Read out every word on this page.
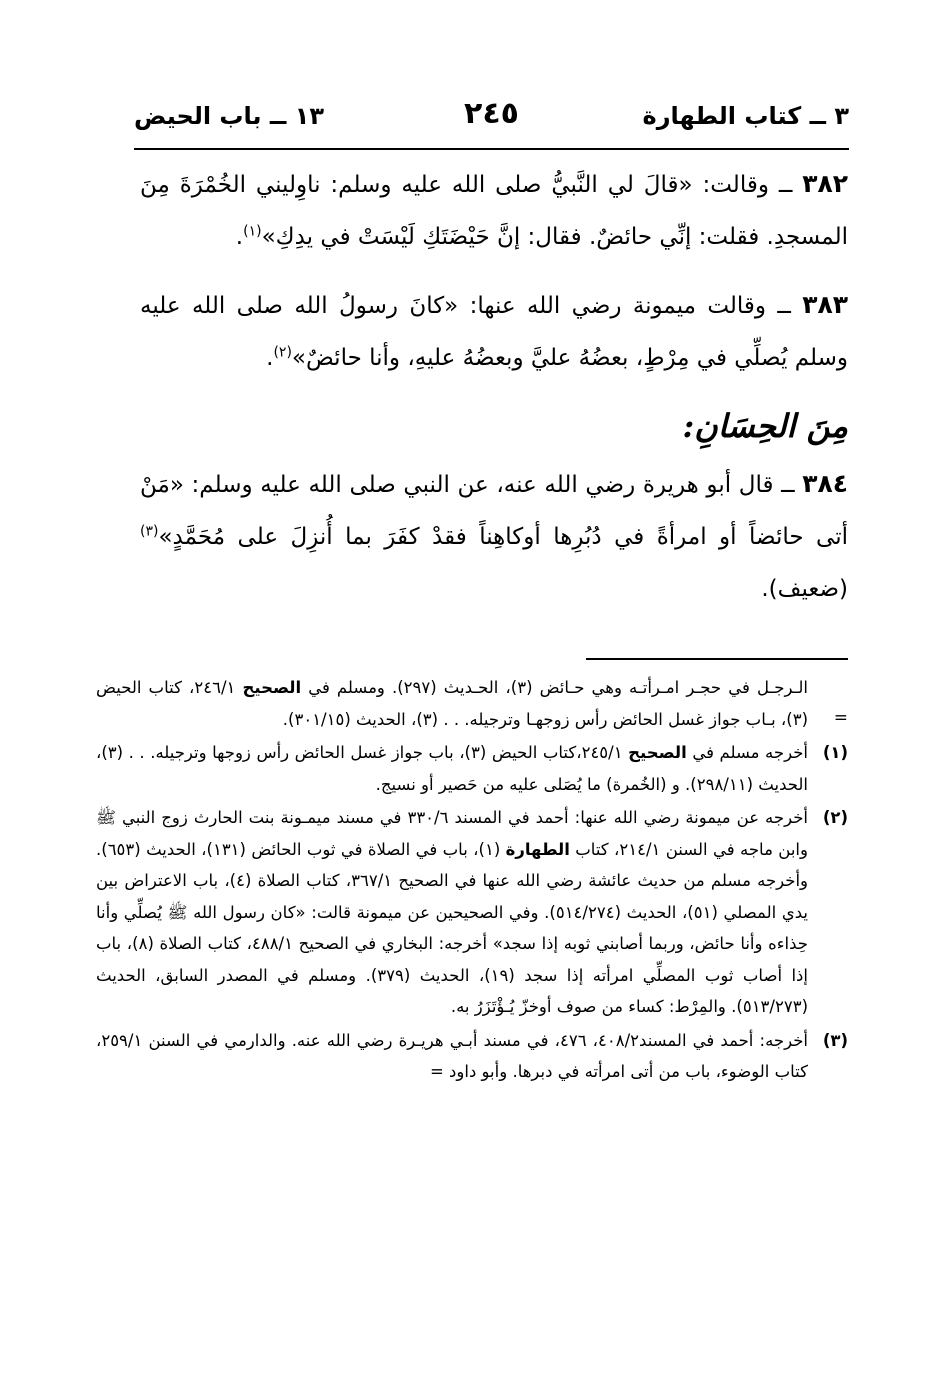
٣ ــ كتاب الطهارة
٢٤٥
١٣ ــ باب الحيض

٣٨٢ ــ وقالت: «قالَ لي النَّبيُّ صلى الله عليه وسلم: ناوِليني الخُمْرَةَ مِنَ المسجدِ. فقلت: إنِّي حائضٌ. فقال: إنَّ حَيْضَتَكِ لَيْسَتْ في يدِكِ»$^{(١)}$.

٣٨٣ ــ وقالت ميمونة رضي الله عنها: «كانَ رسولُ الله صلى الله عليه وسلم يُصلِّي في مِرْطٍ، بعضُهُ عليَّ وبعضُهُ عليهِ، وأنا حائضٌ»$^{(٢)}$.

مِنَ الحِسَانِ:

٣٨٤ ــ قال أبو هريرة رضي الله عنه، عن النبي صلى الله عليه وسلم: «مَنْ أتى حائضاً أو امرأةً في دُبُرِها أوكاهِناً فقدْ كفَرَ بما أُنزِلَ على مُحَمَّدٍ»$^{(٣)}$ (ضعيف).

=
الـرجـل في حجـر امـرأتـه وهي حـائض (٣)، الحـديث (٢٩٧). ومسلم في الصحيح ٢٤٦/١، كتاب الحيض (٣)، بـاب جواز غسل الحائض رأس زوجهـا وترجيله. . . (٣)، الحديث (٣٠١/١٥).
(١)
أخرجه مسلم في الصحيح ٢٤٥/١،كتاب الحيض (٣)، باب جواز غسل الحائض رأس زوجها وترجيله. . . (٣)، الحديث (٢٩٨/١١). و (الخُمرة) ما يُصَلى عليه من حَصير أو نسيج.
(٢)
أخرجه عن ميمونة رضي الله عنها: أحمد في المسند ٣٣٠/٦ في مسند ميمـونة بنت الحارث زوج النبي ﷺ وابن ماجه في السنن ٢١٤/١، كتاب الطهارة (١)، باب في الصلاة في ثوب الحائض (١٣١)، الحديث (٦٥٣). وأخرجه مسلم من حديث عائشة رضي الله عنها في الصحيح ٣٦٧/١، كتاب الصلاة (٤)، باب الاعتراض بين يدي المصلي (٥١)، الحديث (٥١٤/٢٧٤). وفي الصحيحين عن ميمونة قالت: «كان رسول الله ﷺ يُصلِّي وأنا حِذاءه وأنا حائض، وربما أصابني ثوبه إذا سجد» أخرجه: البخاري في الصحيح ٤٨٨/١، كتاب الصلاة (٨)، باب إذا أصاب ثوب المصلِّي امرأته إذا سجد (١٩)، الحديث (٣٧٩). ومسلم في المصدر السابق، الحديث (٥١٣/٢٧٣). والمِرْط: كساء من صوف أوخزّ يُـؤْتَزَرُ به.
(٣)
أخرجه: أحمد في المسند٤٠٨/٢، ٤٧٦، في مسند أبـي هريـرة رضي الله عنه. والدارمي في السنن ٢٥٩/١، كتاب الوضوء، باب من أتى امرأته في دبرها. وأبو داود =
